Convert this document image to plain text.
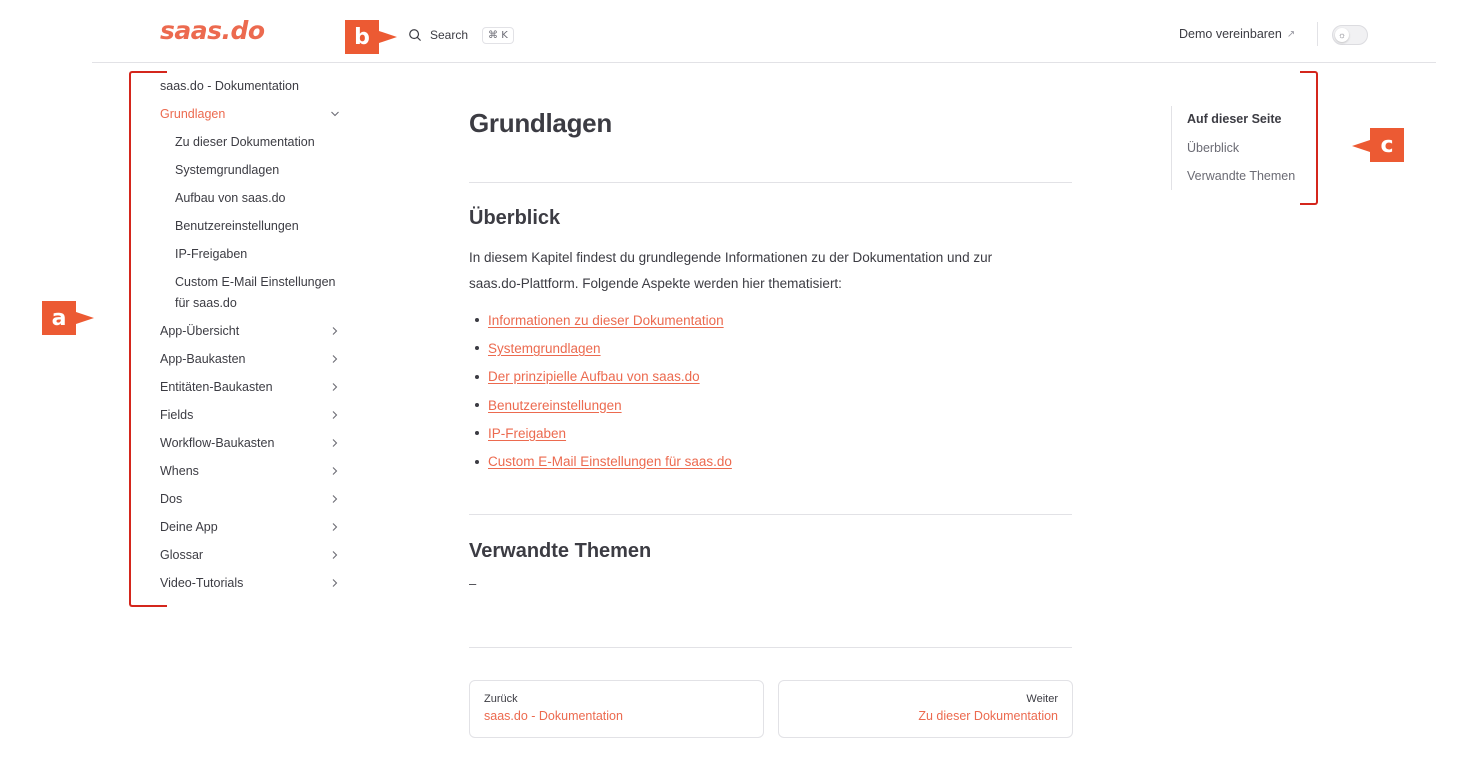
saas.do	Search	⌘ K	Demo vereinbaren ↗	☼
saas.do - Dokumentation
Grundlagen
Zu dieser Dokumentation
Systemgrundlagen
Aufbau von saas.do
Benutzereinstellungen
IP-Freigaben
Custom E-Mail Einstellungen für saas.do
App-Übersicht
App-Baukasten
Entitäten-Baukasten
Fields
Workflow-Baukasten
Whens
Dos
Deine App
Glossar
Video-Tutorials
Grundlagen
Überblick

In diesem Kapitel findest du grundlegende Informationen zu der Dokumentation und zur
saas.do-Plattform. Folgende Aspekte werden hier thematisiert:

Informationen zu dieser Dokumentation
Systemgrundlagen
Der prinzipielle Aufbau von saas.do
Benutzereinstellungen
IP-Freigaben
Custom E-Mail Einstellungen für saas.do
Verwandte Themen
–
Zurück
saas.do - Dokumentation
Weiter
Zu dieser Dokumentation
Auf dieser Seite
Überblick
Verwandte Themen
a
b
c
